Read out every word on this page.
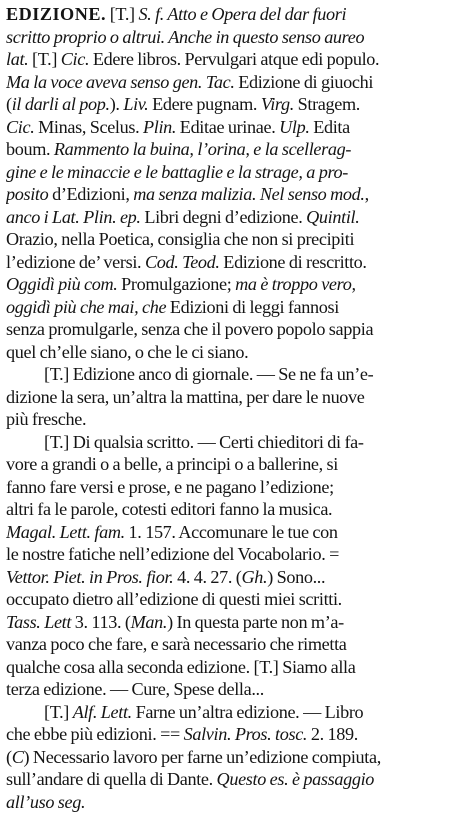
EDIZIONE. [T.] S. f. Atto e Opera del dar fuori
scritto proprio o altrui. Anche in questo senso aureo
lat. [T.] Cic. Edere libros. Pervulgari atque edi populo.
Ma la voce aveva senso gen. Tac. Edizione di giuochi
(il darli al pop.). Liv. Edere pugnam. Virg. Stragem.
Cic. Minas, Scelus. Plin. Editae urinae. Ulp. Edita
boum. Rammento la buina, l’orina, e la scellerag-
gine e le minaccie e le battaglie e la strage, a pro-
posito d’Edizioni, ma senza malizia. Nel senso mod.,
anco i Lat. Plin. ep. Libri degni d’edizione. Quintil.
Orazio, nella Poetica, consiglia che non si precipiti
l’edizione de’ versi. Cod. Teod. Edizione di rescritto.
Oggidì più com. Promulgazione; ma è troppo vero,
oggidì più che mai, che Edizioni di leggi fannosi
senza promulgarle, senza che il povero popolo sappia
quel ch’elle siano, o che le ci siano.
[T.] Edizione anco di giornale. — Se ne fa un’e-
dizione la sera, un’altra la mattina, per dare le nuove
più fresche.
[T.] Di qualsia scritto. — Certi chieditori di fa-
vore a grandi o a belle, a principi o a ballerine, si
fanno fare versi e prose, e ne pagano l’edizione;
altri fa le parole, cotesti editori fanno la musica.
Magal. Lett. fam. 1. 157. Accomunare le tue con
le nostre fatiche nell’edizione del Vocabolario. =
Vettor. Piet. in Pros. fior. 4. 4. 27. (Gh.) Sono...
occupato dietro all’edizione di questi miei scritti.
Tass. Lett 3. 113. (Man.) In questa parte non m’a-
vanza poco che fare, e sarà necessario che rimetta
qualche cosa alla seconda edizione. [T.] Siamo alla
terza edizione. — Cure, Spese della...
[T.] Alf. Lett. Farne un’altra edizione. — Libro
che ebbe più edizioni. == Salvin. Pros. tosc. 2. 189.
(C) Necessario lavoro per farne un’edizione compiuta,
sull’andare di quella di Dante. Questo es. è passaggio
all’uso seg.
